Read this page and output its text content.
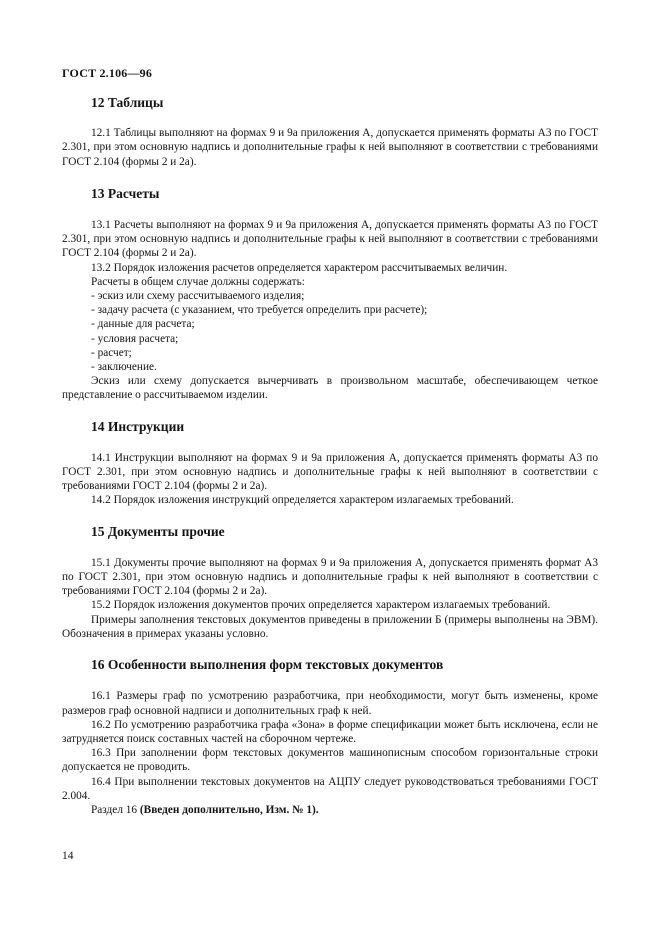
ГОСТ 2.106—96
12 Таблицы

12.1 Таблицы выполняют на формах 9 и 9а приложения А, допускается применять форматы А3 по ГОСТ 2.301, при этом основную надпись и дополнительные графы к ней выполняют в соответствии с требованиями ГОСТ 2.104 (формы 2 и 2а).

13 Расчеты

13.1 Расчеты выполняют на формах 9 и 9а приложения А, допускается применять форматы А3 по ГОСТ 2.301, при этом основную надпись и дополнительные графы к ней выполняют в соответствии с требованиями ГОСТ 2.104 (формы 2 и 2а).

13.2 Порядок изложения расчетов определяется характером рассчитываемых величин.

Расчеты в общем случае должны содержать:

- эскиз или схему рассчитываемого изделия;

- задачу расчета (с указанием, что требуется определить при расчете);

- данные для расчета;

- условия расчета;

- расчет;

- заключение.

Эскиз или схему допускается вычерчивать в произвольном масштабе, обеспечивающем четкое представление о рассчитываемом изделии.

14 Инструкции

14.1 Инструкции выполняют на формах 9 и 9а приложения А, допускается применять форматы А3 по ГОСТ 2.301, при этом основную надпись и дополнительные графы к ней выполняют в соответствии с требованиями ГОСТ 2.104 (формы 2 и 2а).

14.2 Порядок изложения инструкций определяется характером излагаемых требований.

15 Документы прочие

15.1 Документы прочие выполняют на формах 9 и 9а приложения А, допускается применять формат А3 по ГОСТ 2.301, при этом основную надпись и дополнительные графы к ней выполняют в соответствии с требованиями ГОСТ 2.104 (формы 2 и 2а).

15.2 Порядок изложения документов прочих определяется характером излагаемых требований.

Примеры заполнения текстовых документов приведены в приложении Б (примеры выполнены на ЭВМ). Обозначения в примерах указаны условно.

16 Особенности выполнения форм текстовых документов

16.1 Размеры граф по усмотрению разработчика, при необходимости, могут быть изменены, кроме размеров граф основной надписи и дополнительных граф к ней.

16.2 По усмотрению разработчика графа «Зона» в форме спецификации может быть исключена, если не затрудняется поиск составных частей на сборочном чертеже.

16.3 При заполнении форм текстовых документов машинописным способом горизонтальные строки допускается не проводить.

16.4 При выполнении текстовых документов на АЦПУ следует руководствоваться требованиями ГОСТ 2.004.

Раздел 16 (Введен дополнительно, Изм. № 1).

14
